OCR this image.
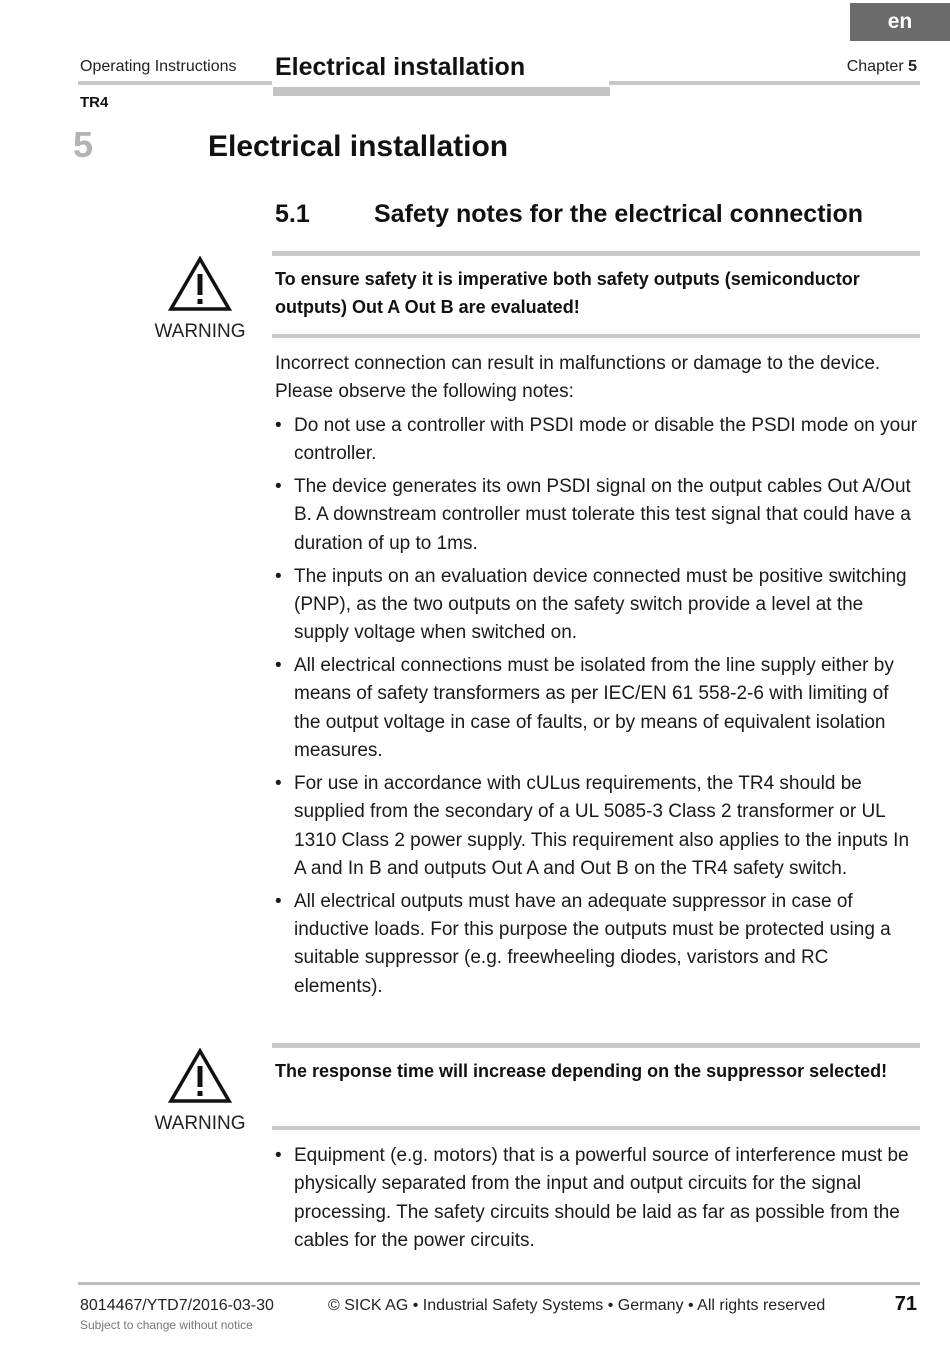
en
Operating Instructions Electrical installation	Chapter 5
TR4
5	Electrical installation
5.1	Safety notes for the electrical connection
WARNING
To ensure safety it is imperative both safety outputs (semiconductor outputs) Out A Out B are evaluated!
Incorrect connection can result in malfunctions or damage to the device. Please observe the following notes:
• Do not use a controller with PSDI mode or disable the PSDI mode on your controller.
• The device generates its own PSDI signal on the output cables Out A/Out B. A downstream controller must tolerate this test signal that could have a duration of up to 1ms.
• The inputs on an evaluation device connected must be positive switching (PNP), as the two outputs on the safety switch provide a level at the supply voltage when switched on.
• All electrical connections must be isolated from the line supply either by means of safety transformers as per IEC/EN 61 558-2-6 with limiting of the output voltage in case of faults, or by means of equivalent isolation measures.
• For use in accordance with cULus requirements, the TR4 should be supplied from the secondary of a UL 5085-3 Class 2 transformer or UL 1310 Class 2 power supply. This requirement also applies to the inputs In A and In B and outputs Out A and Out B on the TR4 safety switch.
• All electrical outputs must have an adequate suppressor in case of inductive loads. For this purpose the outputs must be protected using a suitable suppressor (e.g. freewheeling diodes, varistors and RC elements).
WARNING
The response time will increase depending on the suppressor selected!
• Equipment (e.g. motors) that is a powerful source of interference must be physically separated from the input and output circuits for the signal processing. The safety circuits should be laid as far as possible from the cables for the power circuits.
8014467/YTD7/2016-03-30	© SICK AG • Industrial Safety Systems • Germany • All rights reserved	71
Subject to change without notice
